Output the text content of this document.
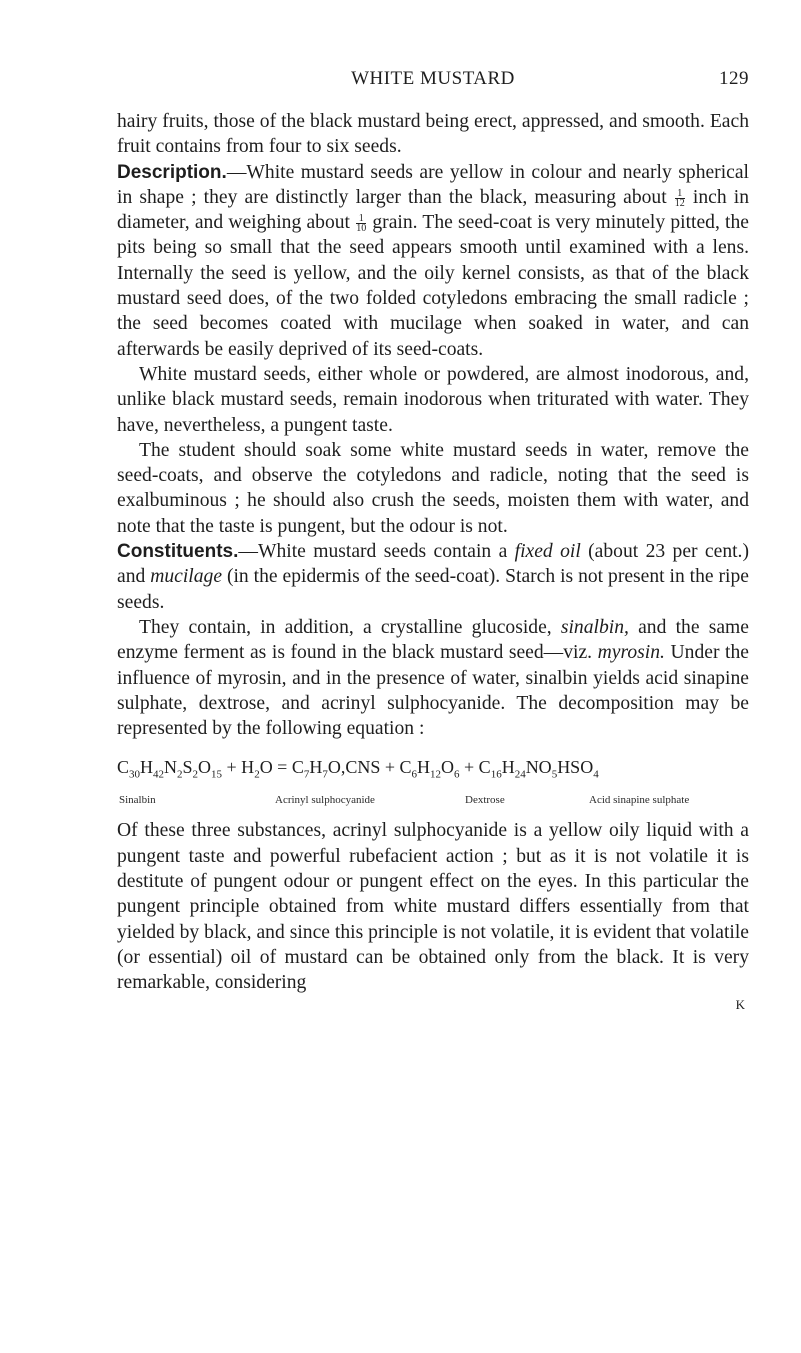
WHITE MUSTARD	129

hairy fruits, those of the black mustard being erect, appressed, and smooth. Each fruit contains from four to six seeds.

Description.—White mustard seeds are yellow in colour and nearly spherical in shape ; they are distinctly larger than the black, measuring about $\frac{1}{12}$ inch in diameter, and weighing about $\frac{1}{10}$ grain. The seed-coat is very minutely pitted, the pits being so small that the seed appears smooth until examined with a lens. Internally the seed is yellow, and the oily kernel consists, as that of the black mustard seed does, of the two folded cotyledons embracing the small radicle ; the seed becomes coated with mucilage when soaked in water, and can afterwards be easily deprived of its seed-coats.

White mustard seeds, either whole or powdered, are almost inodorous, and, unlike black mustard seeds, remain inodorous when triturated with water. They have, nevertheless, a pungent taste.

The student should soak some white mustard seeds in water, remove the seed-coats, and observe the cotyledons and radicle, noting that the seed is exalbuminous ; he should also crush the seeds, moisten them with water, and note that the taste is pungent, but the odour is not.

Constituents.—White mustard seeds contain a fixed oil (about 23 per cent.) and mucilage (in the epidermis of the seed-coat). Starch is not present in the ripe seeds.

They contain, in addition, a crystalline glucoside, sinalbin, and the same enzyme ferment as is found in the black mustard seed—viz. myrosin. Under the influence of myrosin, and in the presence of water, sinalbin yields acid sinapine sulphate, dextrose, and acrinyl sulphocyanide. The decomposition may be represented by the following equation :

$C_{30}H_{42}N_2S_2O_{15} + H_2O = C_7H_7O,CNS + C_6H_{12}O_6 + C_{16}H_{24}NO_5HSO_4$
Sinalbin	Acrinyl sulphocyanide	Dextrose	Acid sinapine sulphate

Of these three substances, acrinyl sulphocyanide is a yellow oily liquid with a pungent taste and powerful rubefacient action ; but as it is not volatile it is destitute of pungent odour or pungent effect on the eyes. In this particular the pungent principle obtained from white mustard differs essentially from that yielded by black, and since this principle is not volatile, it is evident that volatile (or essential) oil of mustard can be obtained only from the black. It is very remarkable, considering

K
